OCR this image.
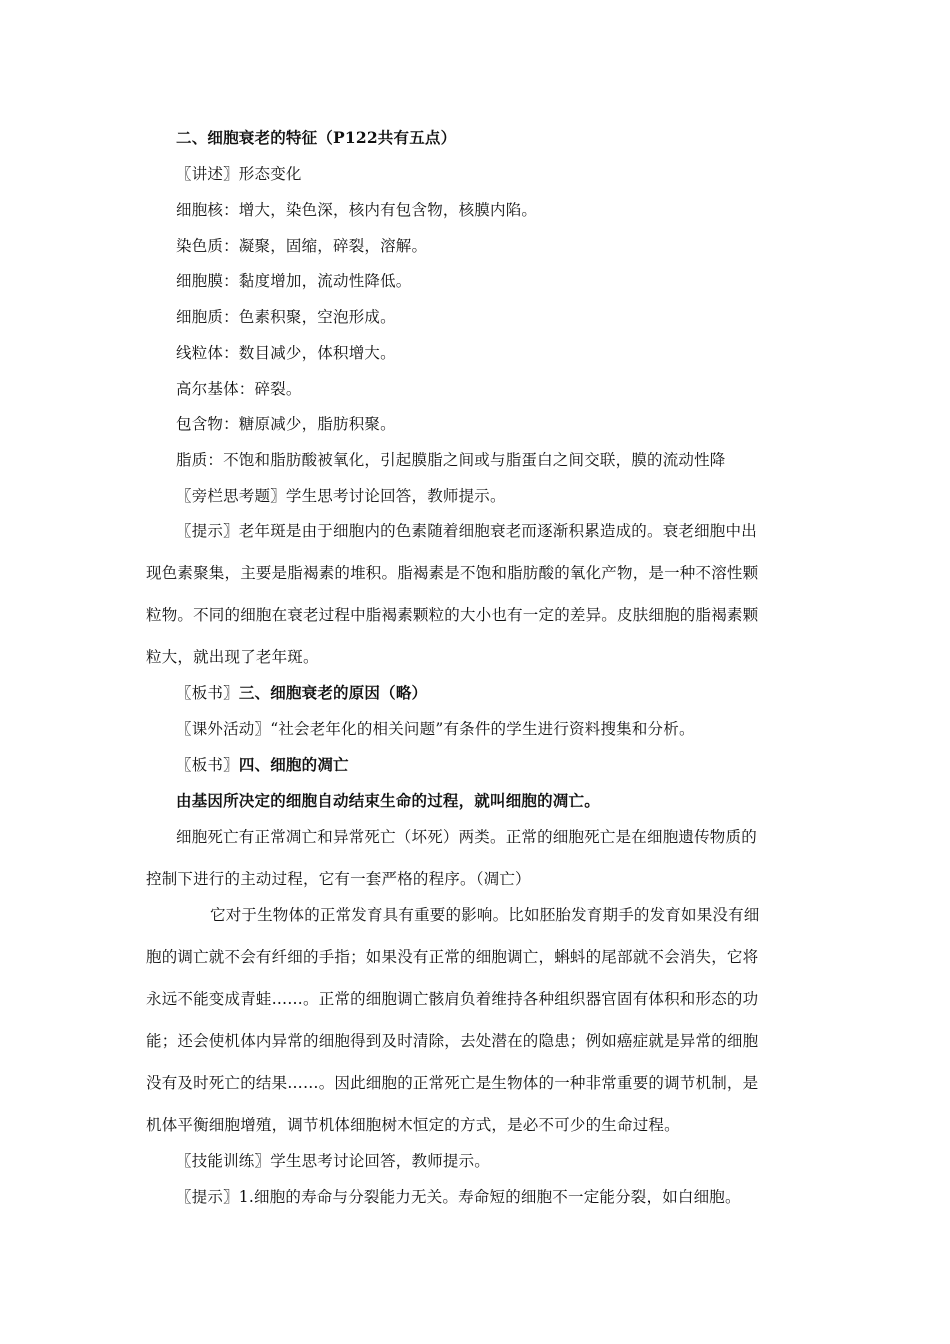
二、细胞衰老的特征（P122共有五点）
〖讲述〗形态变化
细胞核：增大，染色深，核内有包含物，核膜内陷。
染色质：凝聚，固缩，碎裂，溶解。
细胞膜：黏度增加，流动性降低。
细胞质：色素积聚，空泡形成。
线粒体：数目减少，体积增大。
高尔基体：碎裂。
包含物：糖原减少，脂肪积聚。
脂质：不饱和脂肪酸被氧化，引起膜脂之间或与脂蛋白之间交联，膜的流动性降
〖旁栏思考题〗学生思考讨论回答，教师提示。
〖提示〗老年斑是由于细胞内的色素随着细胞衰老而逐渐积累造成的。衰老细胞中出
现色素聚集，主要是脂褐素的堆积。脂褐素是不饱和脂肪酸的氧化产物，是一种不溶性颗
粒物。不同的细胞在衰老过程中脂褐素颗粒的大小也有一定的差异。皮肤细胞的脂褐素颗
粒大，就出现了老年斑。
〖板书〗三、细胞衰老的原因（略）
〖课外活动〗“社会老年化的相关问题”有条件的学生进行资料搜集和分析。
〖板书〗四、细胞的凋亡
由基因所决定的细胞自动结束生命的过程，就叫细胞的凋亡。
细胞死亡有正常凋亡和异常死亡（坏死）两类。正常的细胞死亡是在细胞遗传物质的
控制下进行的主动过程，它有一套严格的程序。（凋亡）
它对于生物体的正常发育具有重要的影响。比如胚胎发育期手的发育如果没有细
胞的调亡就不会有纤细的手指；如果没有正常的细胞调亡，蝌蚪的尾部就不会消失，它将
永远不能变成青蛙……。正常的细胞调亡骸肩负着维持各种组织器官固有体积和形态的功
能；还会使机体内异常的细胞得到及时清除，去处潜在的隐患；例如癌症就是异常的细胞
没有及时死亡的结果……。因此细胞的正常死亡是生物体的一种非常重要的调节机制，是
机体平衡细胞增殖，调节机体细胞树木恒定的方式，是必不可少的生命过程。
〖技能训练〗学生思考讨论回答，教师提示。
〖提示〗1.细胞的寿命与分裂能力无关。寿命短的细胞不一定能分裂，如白细胞。
